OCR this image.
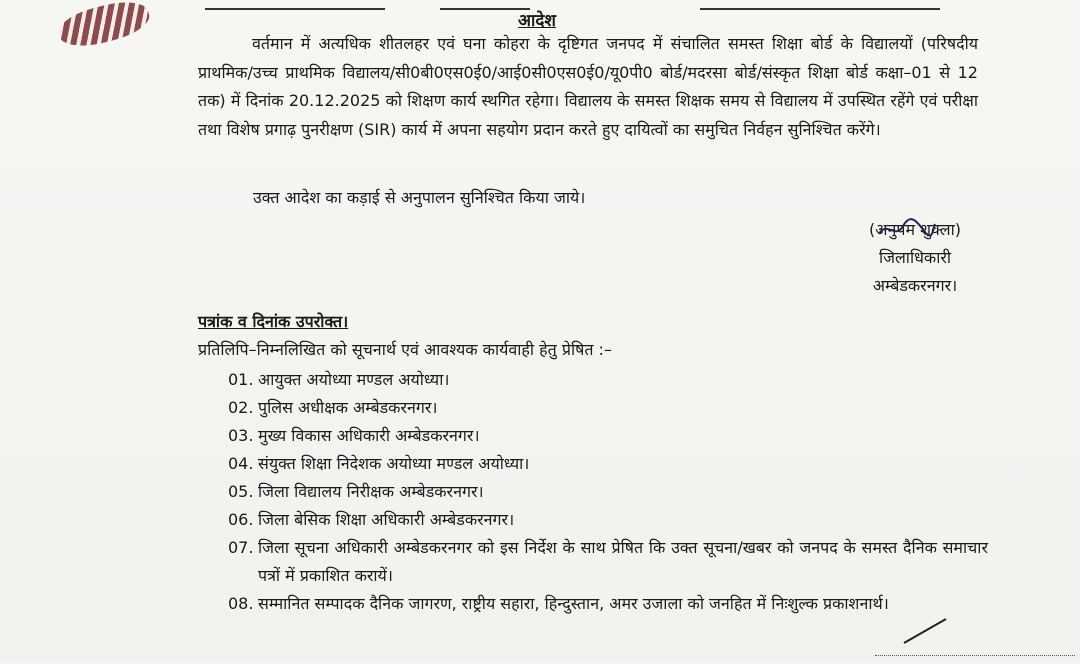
आदेश
वर्तमान में अत्यधिक शीतलहर एवं घना कोहरा के दृष्टिगत जनपद में संचालित समस्त शिक्षा बोर्ड के विद्यालयों (परिषदीय प्राथमिक/उच्च प्राथमिक विद्यालय/सी0बी0एस0ई0/आई0सी0एस0ई0/यू0पी0 बोर्ड/मदरसा बोर्ड/संस्कृत शिक्षा बोर्ड कक्षा–01 से 12 तक) में दिनांक 20.12.2025 को शिक्षण कार्य स्थगित रहेगा। विद्यालय के समस्त शिक्षक समय से विद्यालय में उपस्थित रहेंगे एवं परीक्षा तथा विशेष प्रगाढ़ पुनरीक्षण (SIR) कार्य में अपना सहयोग प्रदान करते हुए दायित्वों का समुचित निर्वहन सुनिश्चित करेंगे।
उक्त आदेश का कड़ाई से अनुपालन सुनिश्चित किया जाये।
(अनुपम शुक्ला)
जिलाधिकारी
अम्बेडकरनगर।
पत्रांक व दिनांक उपरोक्त।
प्रतिलिपि–निम्नलिखित को सूचनार्थ एवं आवश्यक कार्यवाही हेतु प्रेषित :–
01. आयुक्त अयोध्या मण्डल अयोध्या।
02. पुलिस अधीक्षक अम्बेडकरनगर।
03. मुख्य विकास अधिकारी अम्बेडकरनगर।
04. संयुक्त शिक्षा निदेशक अयोध्या मण्डल अयोध्या।
05. जिला विद्यालय निरीक्षक अम्बेडकरनगर।
06. जिला बेसिक शिक्षा अधिकारी अम्बेडकरनगर।
07. जिला सूचना अधिकारी अम्बेडकरनगर को इस निर्देश के साथ प्रेषित कि उक्त सूचना/खबर को जनपद के समस्त दैनिक समाचार पत्रों में प्रकाशित करायें।
08. सम्मानित सम्पादक दैनिक जागरण, राष्ट्रीय सहारा, हिन्दुस्तान, अमर उजाला को जनहित में निःशुल्क प्रकाशनार्थ।
